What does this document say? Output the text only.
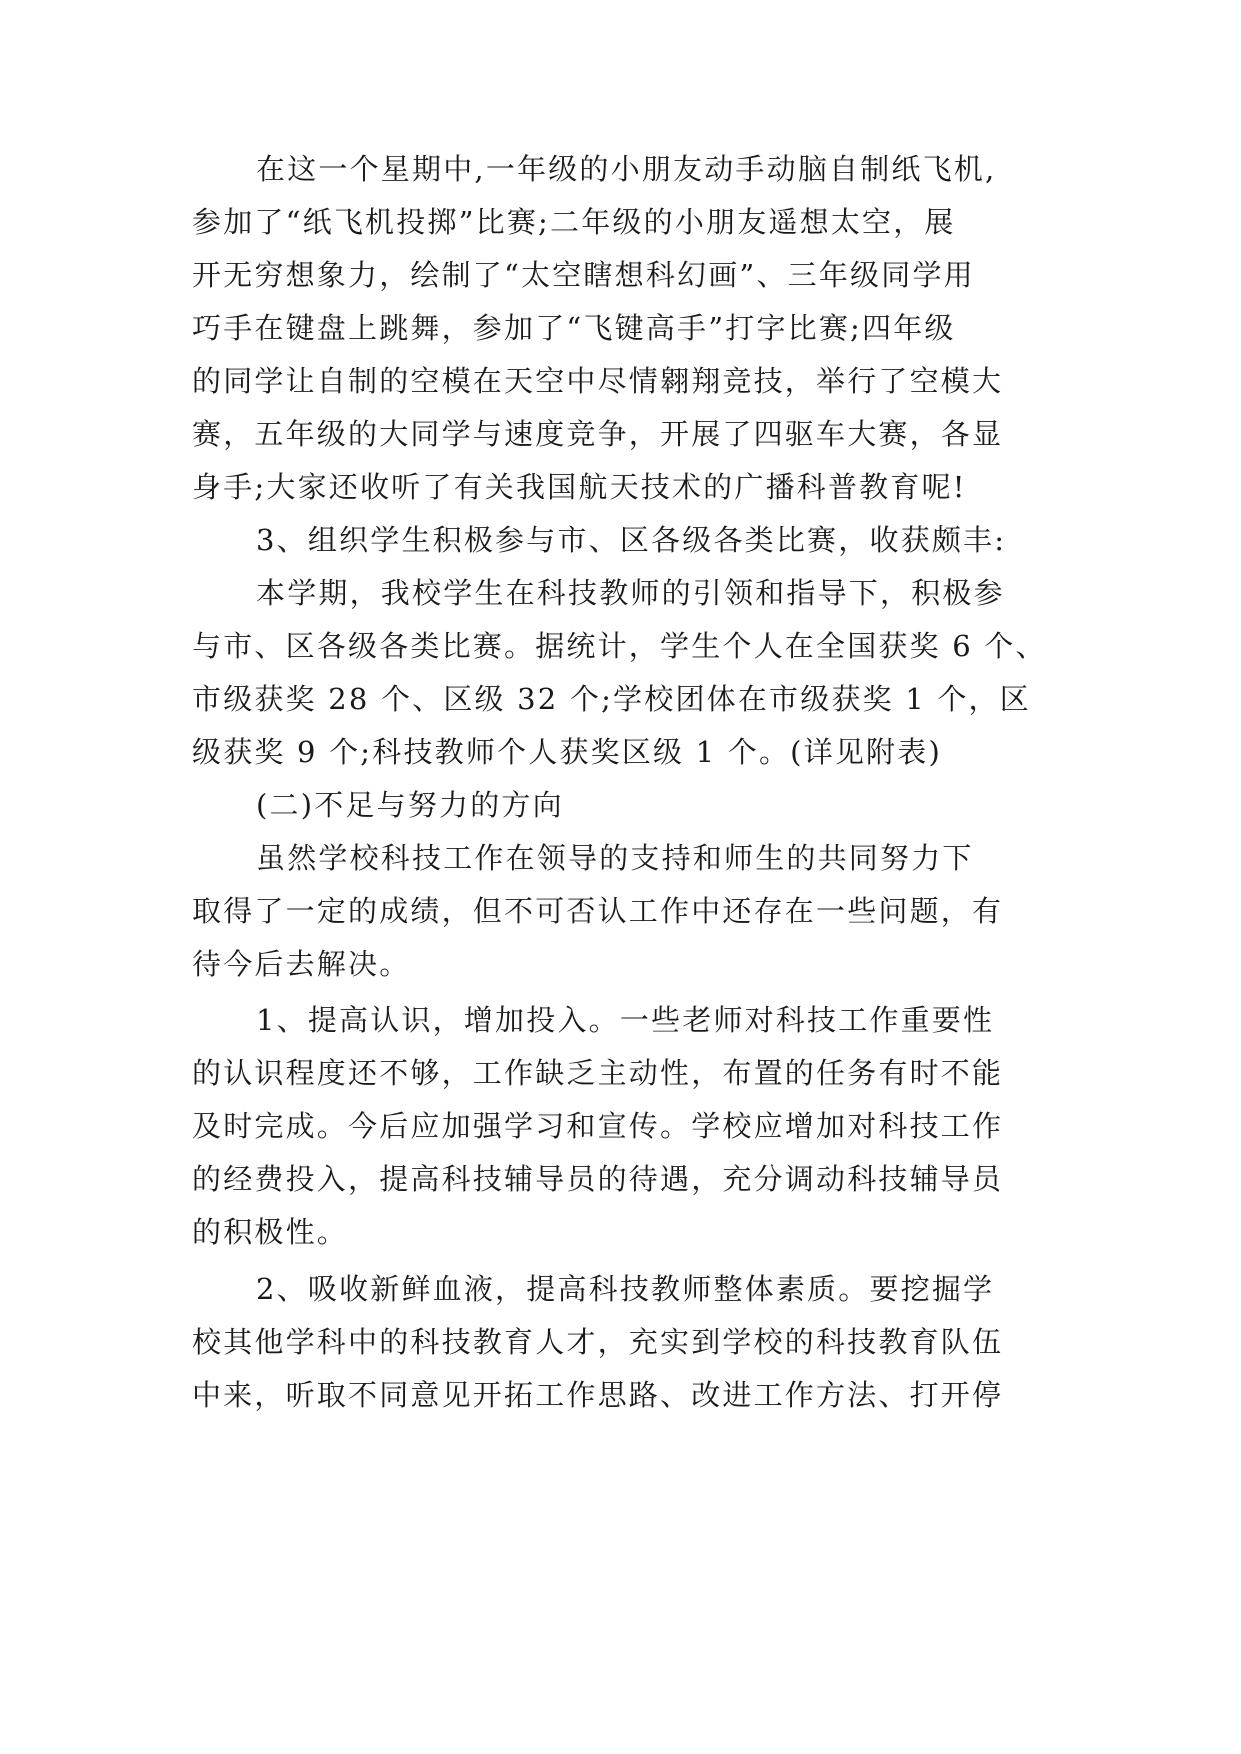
在这一个星期中,一年级的小朋友动手动脑自制纸飞机,
参加了“纸飞机投掷”比赛;二年级的小朋友遥想太空，展
开无穷想象力，绘制了“太空瞎想科幻画”、三年级同学用
巧手在键盘上跳舞，参加了“飞键高手”打字比赛;四年级
的同学让自制的空模在天空中尽情翱翔竞技，举行了空模大
赛，五年级的大同学与速度竞争，开展了四驱车大赛，各显
身手;大家还收听了有关我国航天技术的广播科普教育呢!
3、组织学生积极参与市、区各级各类比赛，收获颇丰:
本学期，我校学生在科技教师的引领和指导下，积极参
与市、区各级各类比赛。据统计，学生个人在全国获奖 6 个、
市级获奖 28 个、区级 32 个;学校团体在市级获奖 1 个，区
级获奖 9 个;科技教师个人获奖区级 1 个。(详见附表)
(二)不足与努力的方向
虽然学校科技工作在领导的支持和师生的共同努力下
取得了一定的成绩，但不可否认工作中还存在一些问题，有
待今后去解决。
1、提高认识，增加投入。一些老师对科技工作重要性
的认识程度还不够，工作缺乏主动性，布置的任务有时不能
及时完成。今后应加强学习和宣传。学校应增加对科技工作
的经费投入，提高科技辅导员的待遇，充分调动科技辅导员
的积极性。
2、吸收新鲜血液，提高科技教师整体素质。要挖掘学
校其他学科中的科技教育人才，充实到学校的科技教育队伍
中来，听取不同意见开拓工作思路、改进工作方法、打开停
